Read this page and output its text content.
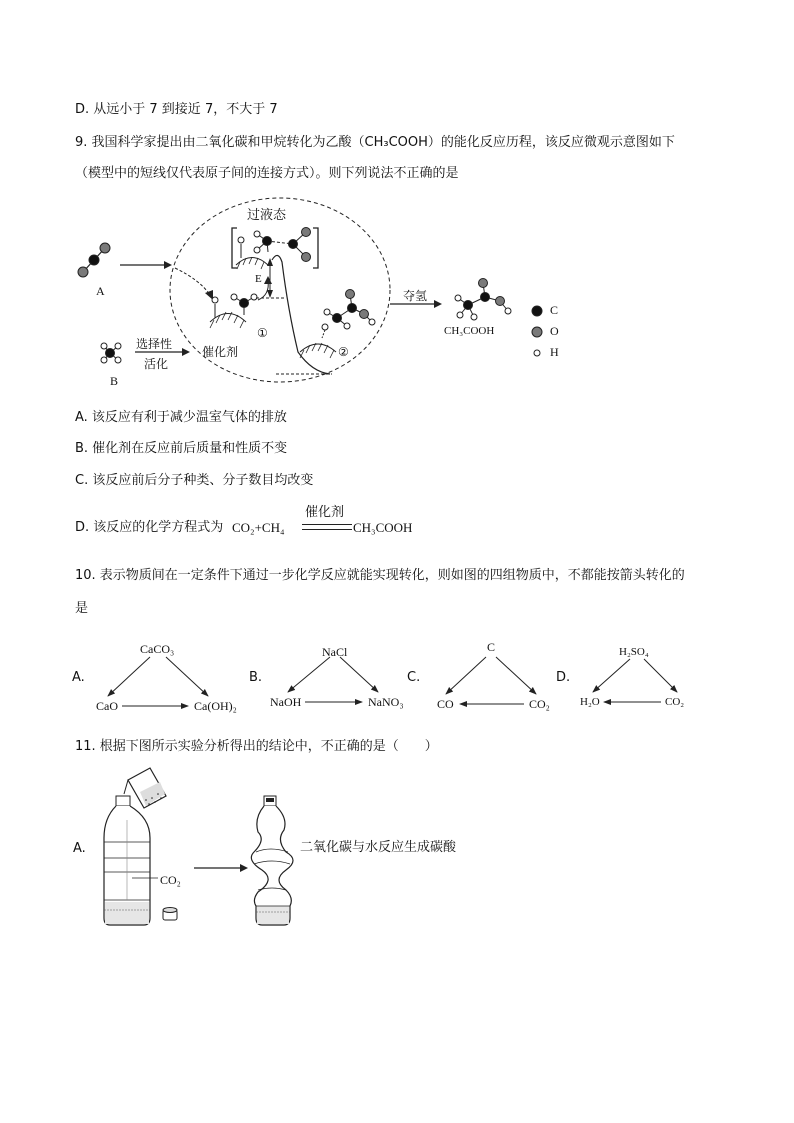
D. 从远小于 7 到接近 7，不大于 7
9. 我国科学家提出由二氧化碳和甲烷转化为乙酸（CH₃COOH）的能化反应历程，该反应微观示意图如下
（模型中的短线仅代表原子间的连接方式）。则下列说法不正确的是
A
B
过液态
E
选择性
活化
催化剂
①
②
夺氢
CH₃COOH
C
O
H
A. 该反应有利于减少温室气体的排放
B. 催化剂在反应前后质量和性质不变
C. 该反应前后分子种类、分子数目均改变
D. 该反应的化学方程式为 CO₂+CH₄
催化剂
CH₃COOH
10. 表示物质间在一定条件下通过一步化学反应就能实现转化，则如图的四组物质中，不都能按箭头转化的
是
A.
CaCO₃
CaO	Ca(OH)₂
B.
NaCl
NaOH	NaNO₃
C.
C
CO	CO₂
D.
H₂SO₄
H₂O	CO₂
11. 根据下图所示实验分析得出的结论中，不正确的是（　　）
A.
CO₂
二氧化碳与水反应生成碳酸
